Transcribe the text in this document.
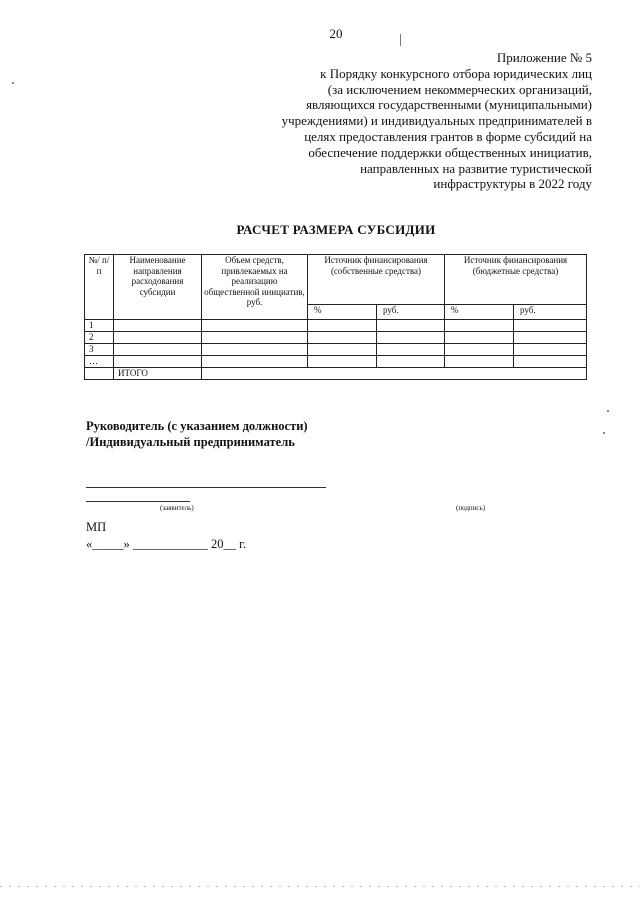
20
Приложение № 5
к Порядку конкурсного отбора юридических лиц
(за исключением некоммерческих организаций,
являющихся государственными (муниципальными)
учреждениями) и индивидуальных предпринимателей в
целях предоставления грантов в форме субсидий на
обеспечение поддержки общественных инициатив,
направленных на развитие туристической
инфраструктуры в 2022 году
РАСЧЕТ РАЗМЕРА СУБСИДИИ
№/ п/п	Наименование направления расходования субсидии	Объем средств, привлекаемых на реализацию общественной инициатив, руб.	Источник финансирования (собственные средства)		Источник финансирования (бюджетные средства)	
			%	руб.	%	руб.
1						
2						
3						
…						
	ИТОГО					
Руководитель (с указанием должности)
/Индивидуальный предприниматель
(заявитель)	(подпись)
МП
«_____» ____________ 20__ г.
